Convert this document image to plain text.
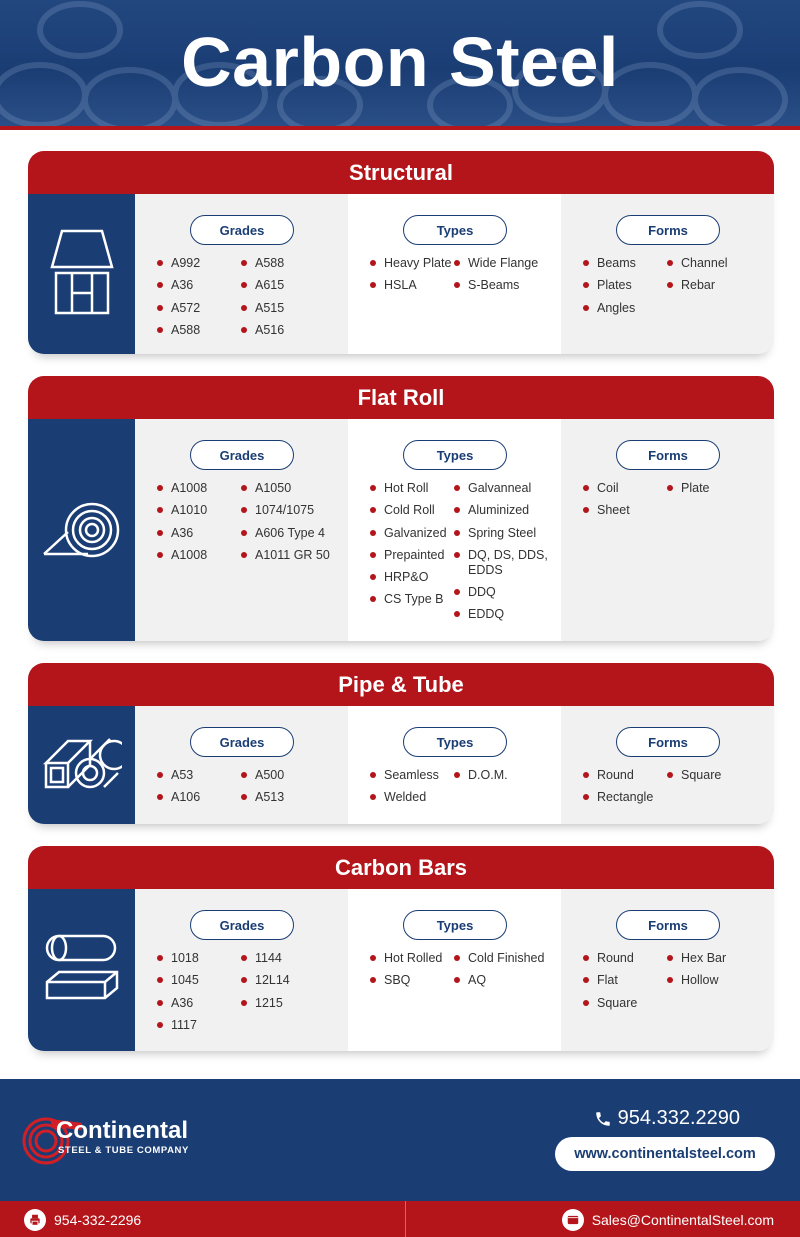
Carbon Steel
Structural
Grades
A992
A36
A572
A588
A588
A615
A515
A516
Types
Heavy Plate
HSLA
Wide Flange
S-Beams
Forms
Beams
Plates
Angles
Channel
Rebar
Flat Roll
Grades
A1008
A1010
A36
A1008
A1050
1074/1075
A606 Type 4
A1011 GR 50
Types
Hot Roll
Cold Roll
Galvanized
Prepainted
HRP&O
CS Type B
Galvanneal
Aluminized
Spring Steel
DQ, DS, DDS, EDDS
DDQ
EDDQ
Forms
Coil
Sheet
Plate
Pipe & Tube
Grades
A53
A106
A500
A513
Types
Seamless
Welded
D.O.M.
Forms
Round
Rectangle
Square
Carbon Bars
Grades
1018
1045
A36
1117
1144
12L14
1215
Types
Hot Rolled
SBQ
Cold Finished
AQ
Forms
Round
Flat
Square
Hex Bar
Hollow
Continental
STEEL & TUBE COMPANY
954.332.2290
www.continentalsteel.com
954-332-2296	Sales@ContinentalSteel.com
